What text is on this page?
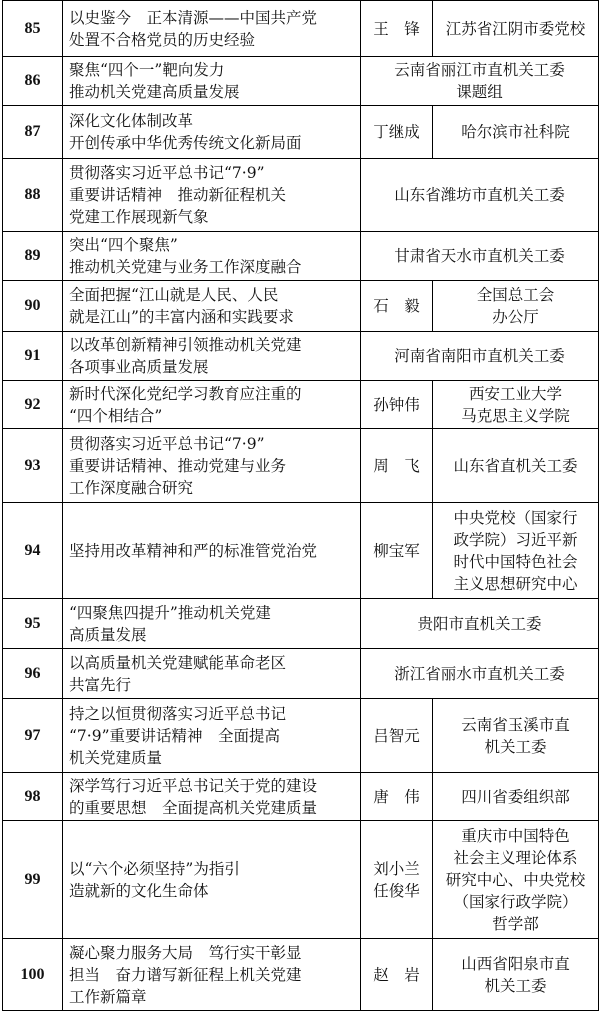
85	以史鉴今　正本清源——中国共产党
处置不合格党员的历史经验	王　锋	江苏省江阴市委党校
86	聚焦“四个一”靶向发力
推动机关党建高质量发展	云南省丽江市直机关工委
课题组	
87	深化文化体制改革
开创传承中华优秀传统文化新局面	丁继成	哈尔滨市社科院
88	贯彻落实习近平总书记“7·9”
重要讲话精神　推动新征程机关
党建工作展现新气象	山东省潍坊市直机关工委	
89	突出“四个聚焦”
推动机关党建与业务工作深度融合	甘肃省天水市直机关工委	
90	全面把握“江山就是人民、人民
就是江山”的丰富内涵和实践要求	石　毅	全国总工会
办公厅
91	以改革创新精神引领推动机关党建
各项事业高质量发展	河南省南阳市直机关工委	
92	新时代深化党纪学习教育应注重的
“四个相结合”	孙钟伟	西安工业大学
马克思主义学院
93	贯彻落实习近平总书记“7·9”
重要讲话精神、推动党建与业务
工作深度融合研究	周　飞	山东省直机关工委
94	坚持用改革精神和严的标准管党治党	柳宝军	中央党校（国家行
政学院）习近平新
时代中国特色社会
主义思想研究中心
95	“四聚焦四提升”推动机关党建
高质量发展	贵阳市直机关工委	
96	以高质量机关党建赋能革命老区
共富先行	浙江省丽水市直机关工委	
97	持之以恒贯彻落实习近平总书记
“7·9”重要讲话精神　全面提高
机关党建质量	吕智元	云南省玉溪市直
机关工委
98	深学笃行习近平总书记关于党的建设
的重要思想　全面提高机关党建质量	唐　伟	四川省委组织部
99	以“六个必须坚持”为指引
造就新的文化生命体	刘小兰
任俊华	重庆市中国特色
社会主义理论体系
研究中心、中央党校
（国家行政学院）
哲学部
100	凝心聚力服务大局　笃行实干彰显
担当　奋力谱写新征程上机关党建
工作新篇章	赵　岩	山西省阳泉市直
机关工委
